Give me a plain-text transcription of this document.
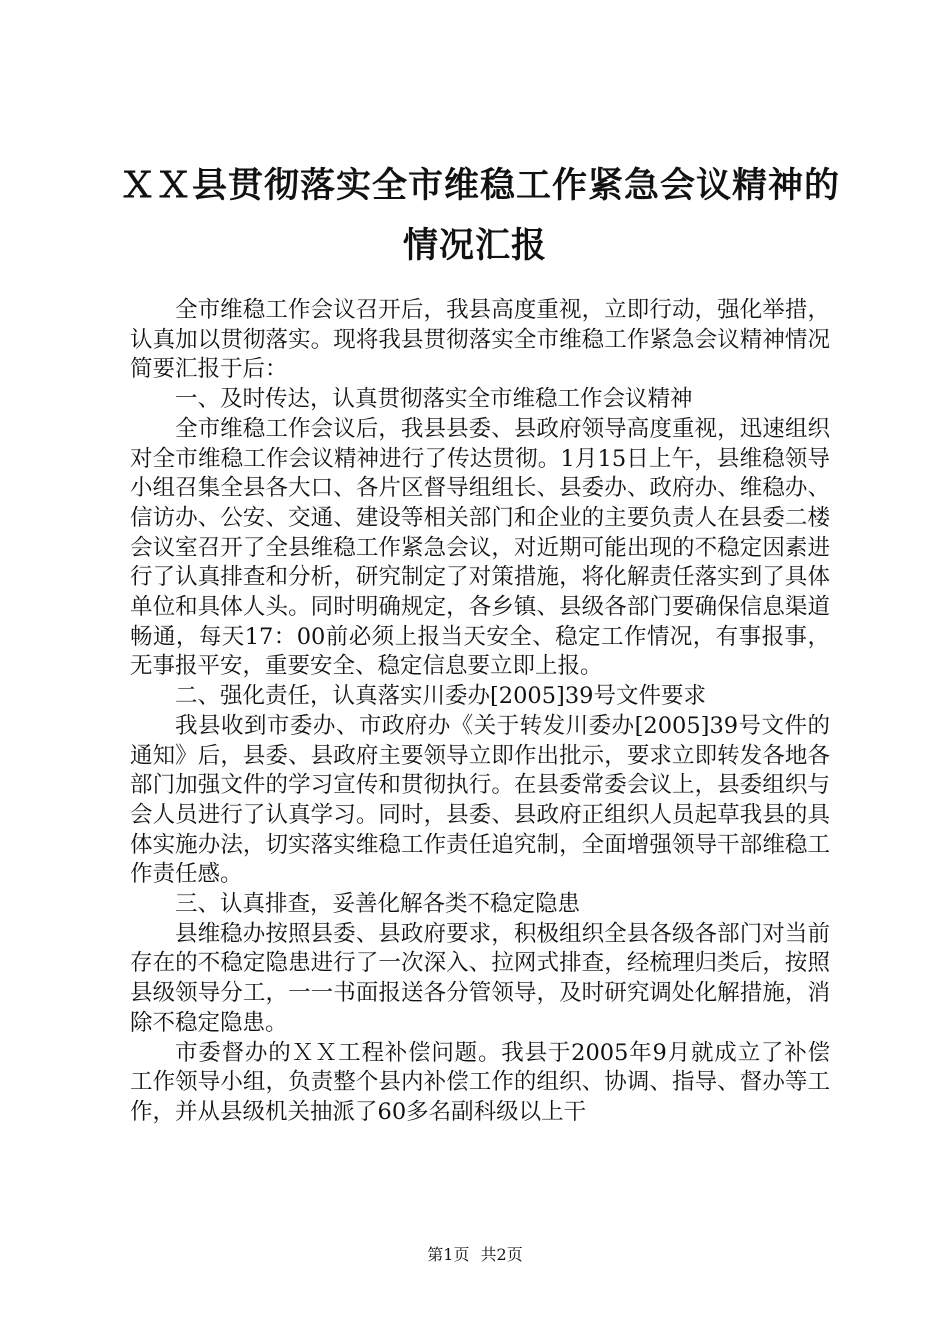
ＸＸ县贯彻落实全市维稳工作紧急会议精神的
情况汇报

全市维稳工作会议召开后，我县高度重视，立即行动，强化举措，认真加以贯彻落实。现将我县贯彻落实全市维稳工作紧急会议精神情况简要汇报于后：

一、及时传达，认真贯彻落实全市维稳工作会议精神

全市维稳工作会议后，我县县委、县政府领导高度重视，迅速组织对全市维稳工作会议精神进行了传达贯彻。1月15日上午，县维稳领导小组召集全县各大口、各片区督导组组长、县委办、政府办、维稳办、信访办、公安、交通、建设等相关部门和企业的主要负责人在县委二楼会议室召开了全县维稳工作紧急会议，对近期可能出现的不稳定因素进行了认真排查和分析，研究制定了对策措施，将化解责任落实到了具体单位和具体人头。同时明确规定，各乡镇、县级各部门要确保信息渠道畅通，每天17：00前必须上报当天安全、稳定工作情况，有事报事，无事报平安，重要安全、稳定信息要立即上报。

二、强化责任，认真落实川委办[2005]39号文件要求

我县收到市委办、市政府办《关于转发川委办[2005]39号文件的通知》后，县委、县政府主要领导立即作出批示，要求立即转发各地各部门加强文件的学习宣传和贯彻执行。在县委常委会议上，县委组织与会人员进行了认真学习。同时，县委、县政府正组织人员起草我县的具体实施办法，切实落实维稳工作责任追究制，全面增强领导干部维稳工作责任感。

三、认真排查，妥善化解各类不稳定隐患

县维稳办按照县委、县政府要求，积极组织全县各级各部门对当前存在的不稳定隐患进行了一次深入、拉网式排查，经梳理归类后，按照县级领导分工，一一书面报送各分管领导，及时研究调处化解措施，消除不稳定隐患。

市委督办的ＸＸ工程补偿问题。我县于2005年9月就成立了补偿工作领导小组，负责整个县内补偿工作的组织、协调、指导、督办等工作，并从县级机关抽派了60多名副科级以上干

第1页 共2页
